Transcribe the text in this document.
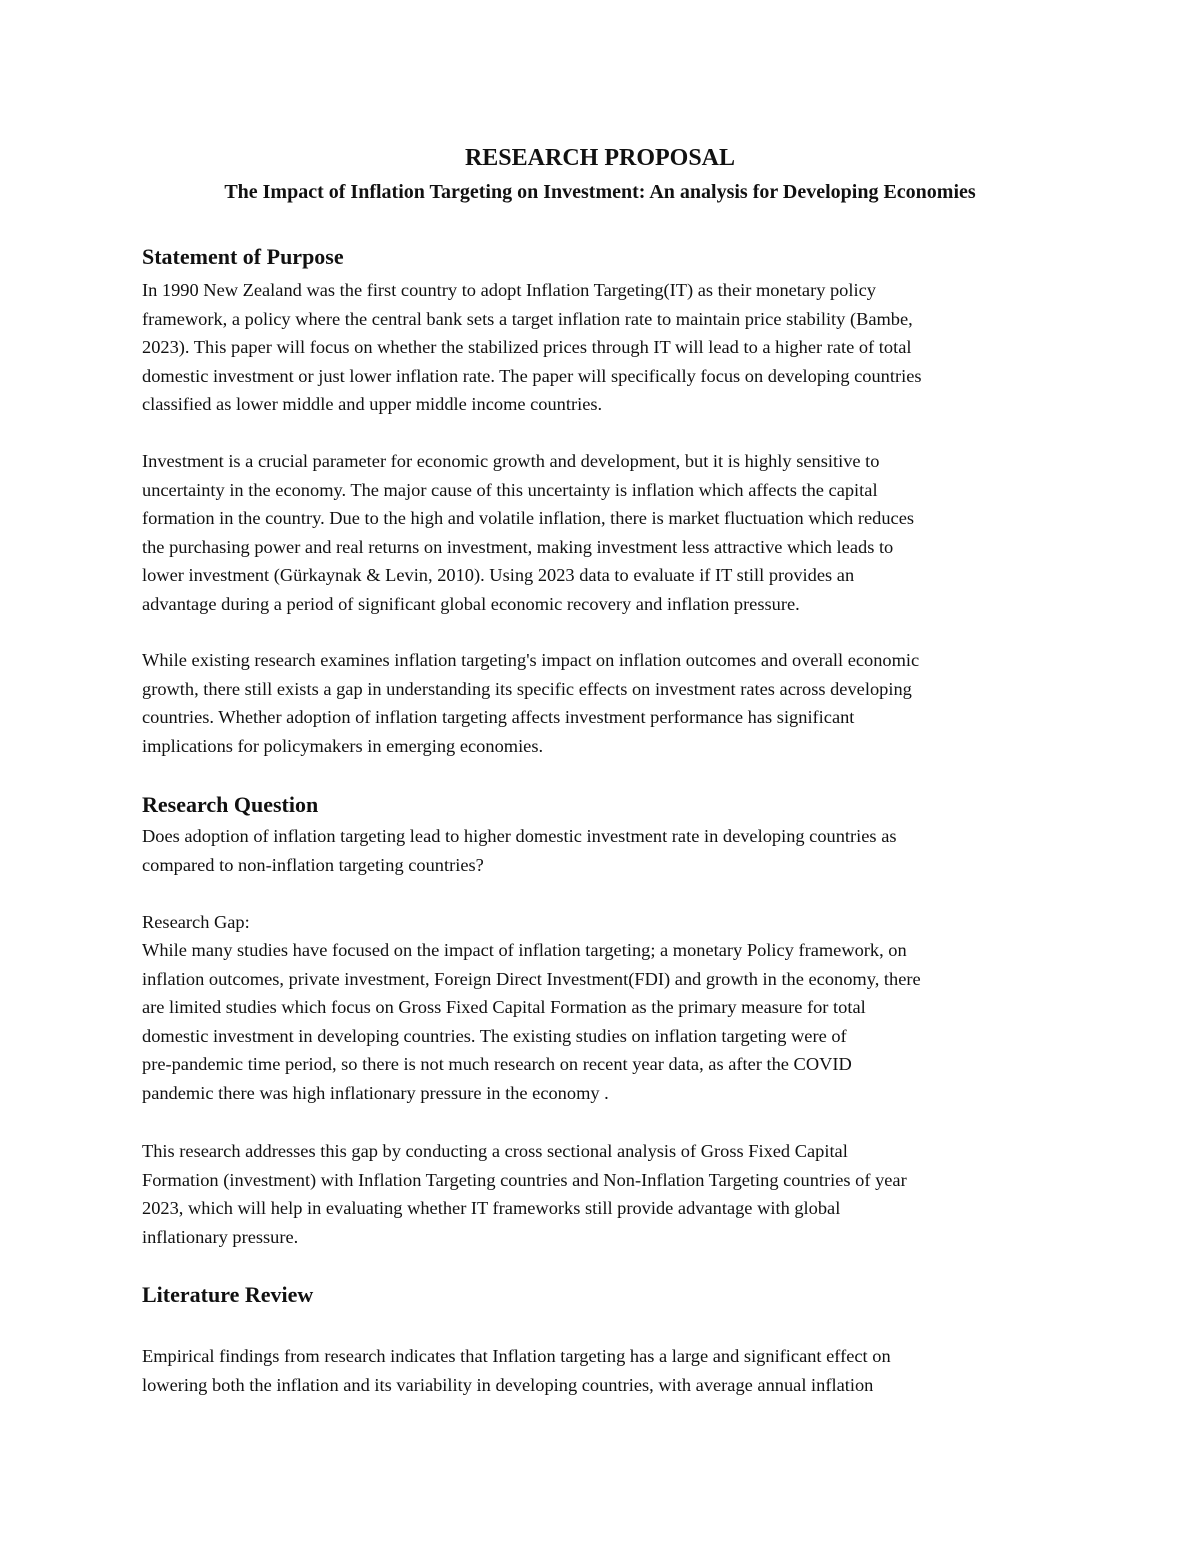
RESEARCH PROPOSAL
The Impact of Inflation Targeting on Investment: An analysis for Developing Economies
Statement of Purpose

In 1990 New Zealand was the first country to adopt Inflation Targeting(IT) as their monetary policy
framework, a policy where the central bank sets a target inflation rate to maintain price stability (Bambe,
2023). This paper will focus on whether the stabilized prices through IT will lead to a higher rate of total
domestic investment or just lower inflation rate. The paper will specifically focus on developing countries
classified as lower middle and upper middle income countries.

Investment is a crucial parameter for economic growth and development, but it is highly sensitive to
uncertainty in the economy. The major cause of this uncertainty is inflation which affects the capital
formation in the country. Due to the high and volatile inflation, there is market fluctuation which reduces
the purchasing power and real returns on investment, making investment less attractive which leads to
lower investment (Gürkaynak & Levin, 2010). Using 2023 data to evaluate if IT still provides an
advantage during a period of significant global economic recovery and inflation pressure.

While existing research examines inflation targeting's impact on inflation outcomes and overall economic
growth, there still exists a gap in understanding its specific effects on investment rates across developing
countries. Whether adoption of inflation targeting affects investment performance has significant
implications for policymakers in emerging economies.

Research Question

Does adoption of inflation targeting lead to higher domestic investment rate in developing countries as
compared to non-inflation targeting countries?

Research Gap:

While many studies have focused on the impact of inflation targeting; a monetary Policy framework, on
inflation outcomes, private investment, Foreign Direct Investment(FDI) and growth in the economy, there
are limited studies which focus on Gross Fixed Capital Formation as the primary measure for total
domestic investment in developing countries. The existing studies on inflation targeting were of
pre-pandemic time period, so there is not much research on recent year data, as after the COVID
pandemic there was high inflationary pressure in the economy .

This research addresses this gap by conducting a cross sectional analysis of Gross Fixed Capital
Formation (investment) with Inflation Targeting countries and Non-Inflation Targeting countries of year
2023, which will help in evaluating whether IT frameworks still provide advantage with global
inflationary pressure.

Literature Review

Empirical findings from research indicates that Inflation targeting has a large and significant effect on
lowering both the inflation and its variability in developing countries, with average annual inflation
